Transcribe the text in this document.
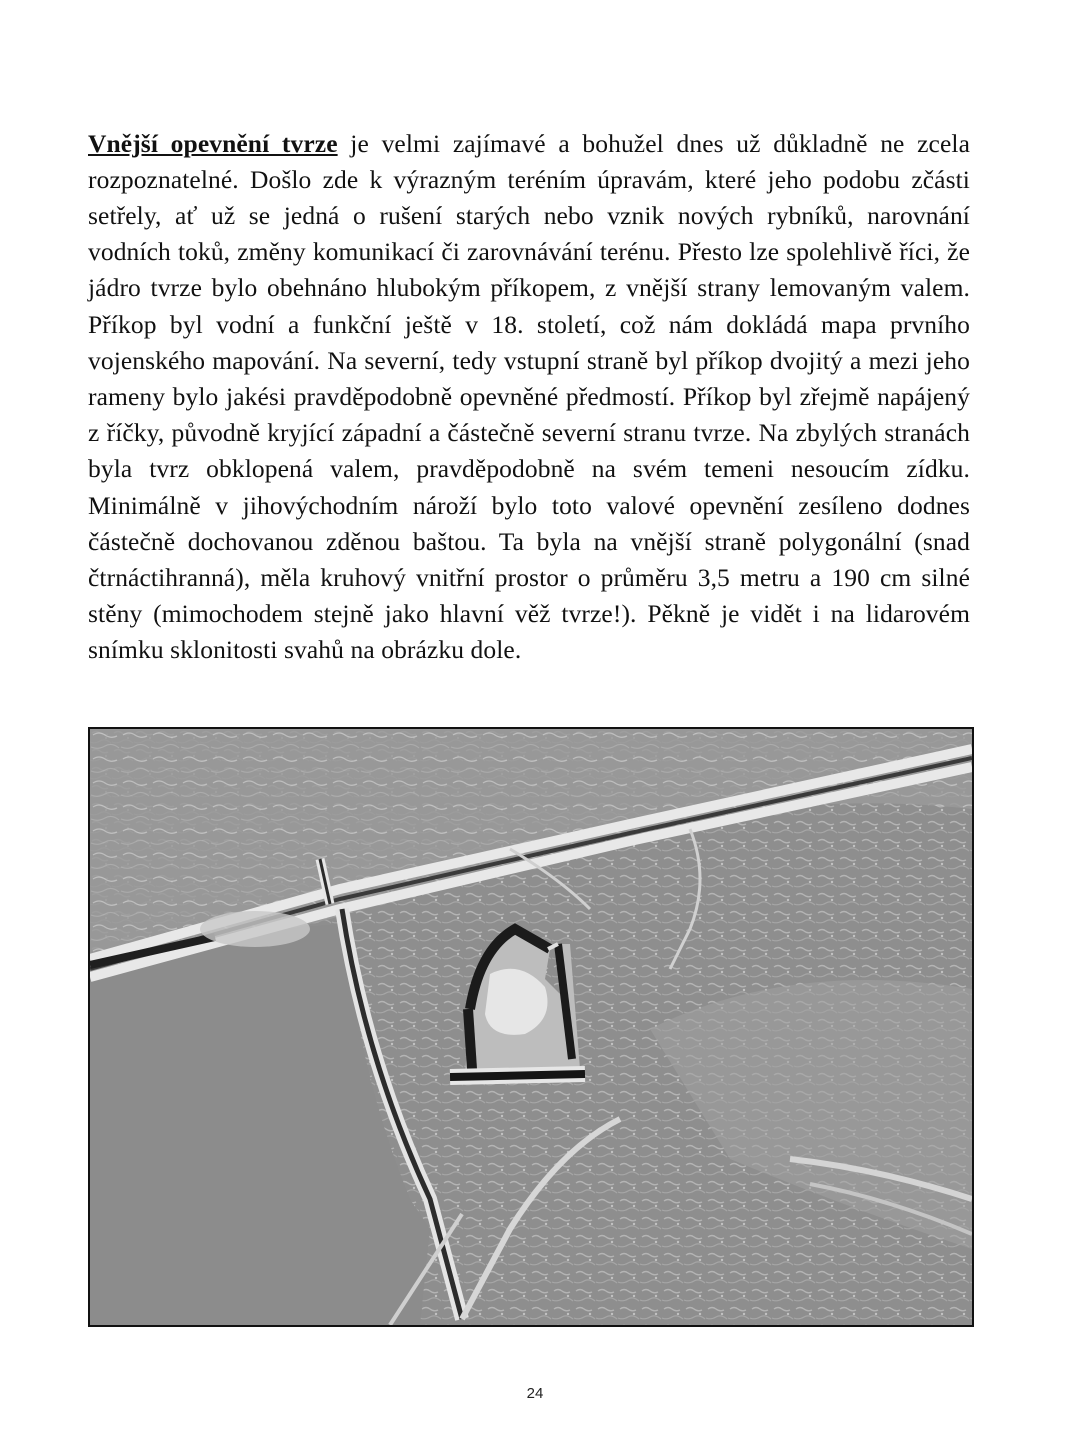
Vnější opevnění tvrze je velmi zajímavé a bohužel dnes už důkladně ne zcela rozpoznatelné. Došlo zde k výrazným teréním úpravám, které jeho podobu zčásti setřely, ať už se jedná o rušení starých nebo vznik nových rybníků, narovnání vodních toků, změny komunikací či zarovnávání terénu. Přesto lze spolehlivě říci, že jádro tvrze bylo obehnáno hlubokým příkopem, z vnější strany lemovaným valem. Příkop byl vodní a funkční ještě v 18. století, což nám dokládá mapa prvního vojenského mapování. Na severní, tedy vstupní straně byl příkop dvojitý a mezi jeho rameny bylo jakési pravděpodobně opevněné předmostí. Příkop byl zřejmě napájený z říčky, původně kryjící západní a částečně severní stranu tvrze. Na zbylých stranách byla tvrz obklopená valem, pravděpodobně na svém temeni nesoucím zídku. Minimálně v jihovýchodním nároží bylo toto valové opevnění zesíleno dodnes částečně dochovanou zděnou baštou. Ta byla na vnější straně polygonální (snad čtrnáctihranná), měla kruhový vnitřní prostor o průměru 3,5 metru a 190 cm silné stěny (mimochodem stejně jako hlavní věž tvrze!). Pěkně je vidět i na lidarovém snímku sklonitosti svahů na obrázku dole.

24
